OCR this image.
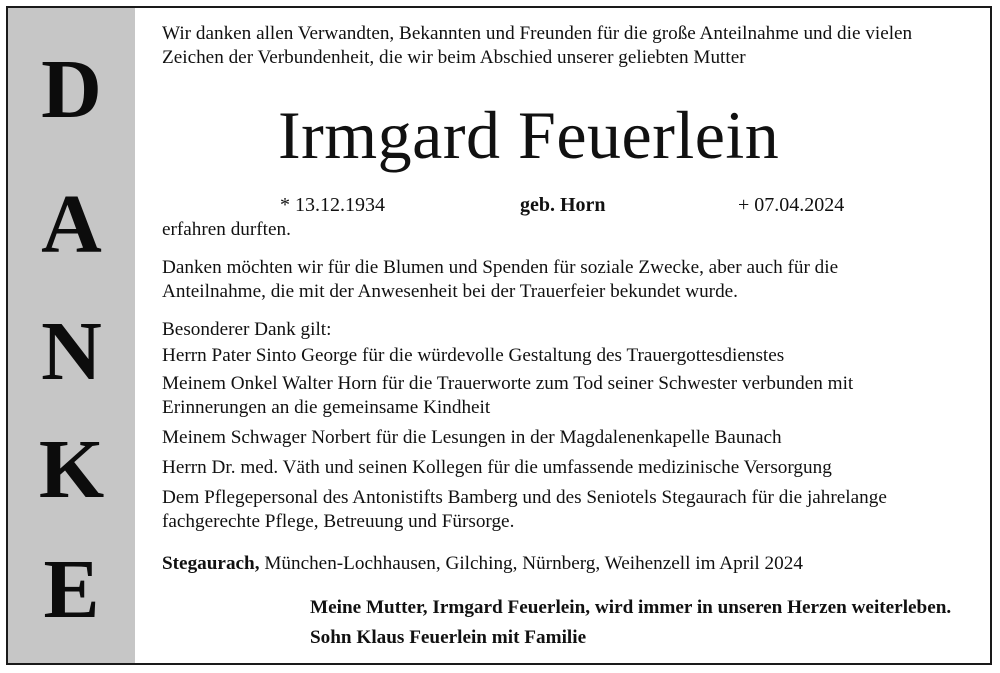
D
A
N
K
E

Wir danken allen Verwandten, Bekannten und Freunden für die große Anteilnahme und die vielen

Zeichen der Verbundenheit, die wir beim Abschied unserer geliebten Mutter

Irmgard Feuerlein
* 13.12.1934	geb. Horn	+ 07.04.2024

erfahren durften.

Danken möchten wir für die Blumen und Spenden für soziale Zwecke, aber auch für die

Anteilnahme, die mit der Anwesenheit bei der Trauerfeier bekundet wurde.

Besonderer Dank gilt:

Herrn Pater Sinto George für die würdevolle Gestaltung des Trauergottesdienstes

Meinem Onkel Walter Horn für die Trauerworte zum Tod seiner Schwester verbunden mit

Erinnerungen an die gemeinsame Kindheit

Meinem Schwager Norbert für die Lesungen in der Magdalenenkapelle Baunach

Herrn Dr. med. Väth und seinen Kollegen für die umfassende medizinische Versorgung

Dem Pflegepersonal des Antonistifts Bamberg und des Seniotels Stegaurach für die jahrelange

fachgerechte Pflege, Betreuung und Fürsorge.

Stegaurach, München-Lochhausen, Gilching, Nürnberg, Weihenzell im April 2024

Meine Mutter, Irmgard Feuerlein, wird immer in unseren Herzen weiterleben.
Sohn Klaus Feuerlein mit Familie
